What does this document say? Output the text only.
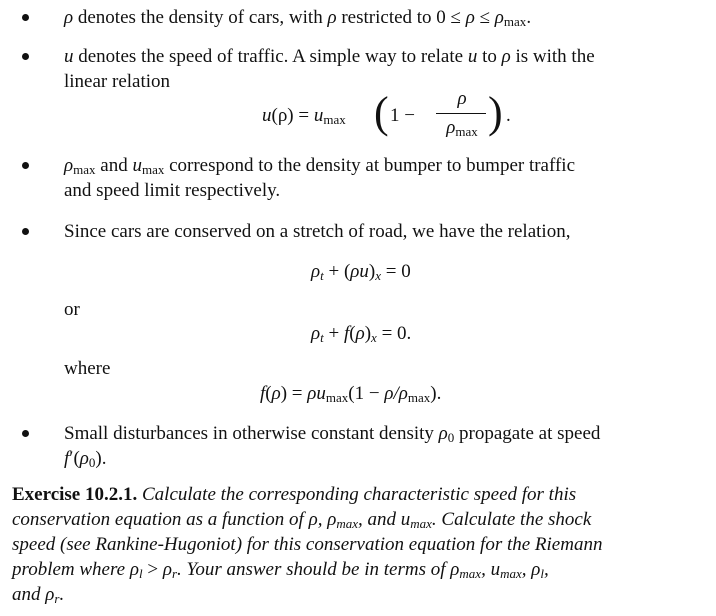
ρ denotes the density of cars, with ρ restricted to $0 \le \rho \le \rho_{max}$.
u denotes the speed of traffic. A simple way to relate u to ρ is with the
linear relation
$u(\rho) = u_{max}$ ( 1 −
ρ
$\rho_{max}$ ) .
$\rho_{max}$ and $u_{max}$ correspond to the density at bumper to bumper traffic
and speed limit respectively.
Since cars are conserved on a stretch of road, we have the relation,
$\rho_t + (\rho u)_x = 0$
or
$\rho_t + f(\rho)_x = 0$.
where
$f(\rho) = \rho u_{max}(1 - \rho/\rho_{max})$.
Small disturbances in otherwise constant density $\rho_0$ propagate at speed
$f'(\rho_0)$.
Exercise 10.2.1. Calculate the corresponding characteristic speed for this
conservation equation as a function of ρ, $\rho_{max}$, and $u_{max}$. Calculate the shock
speed (see Rankine-Hugoniot) for this conservation equation for the Riemann
problem where $\rho_l > \rho_r$. Your answer should be in terms of $\rho_{max}$, $u_{max}$, $\rho_l$,
and $\rho_r$.
